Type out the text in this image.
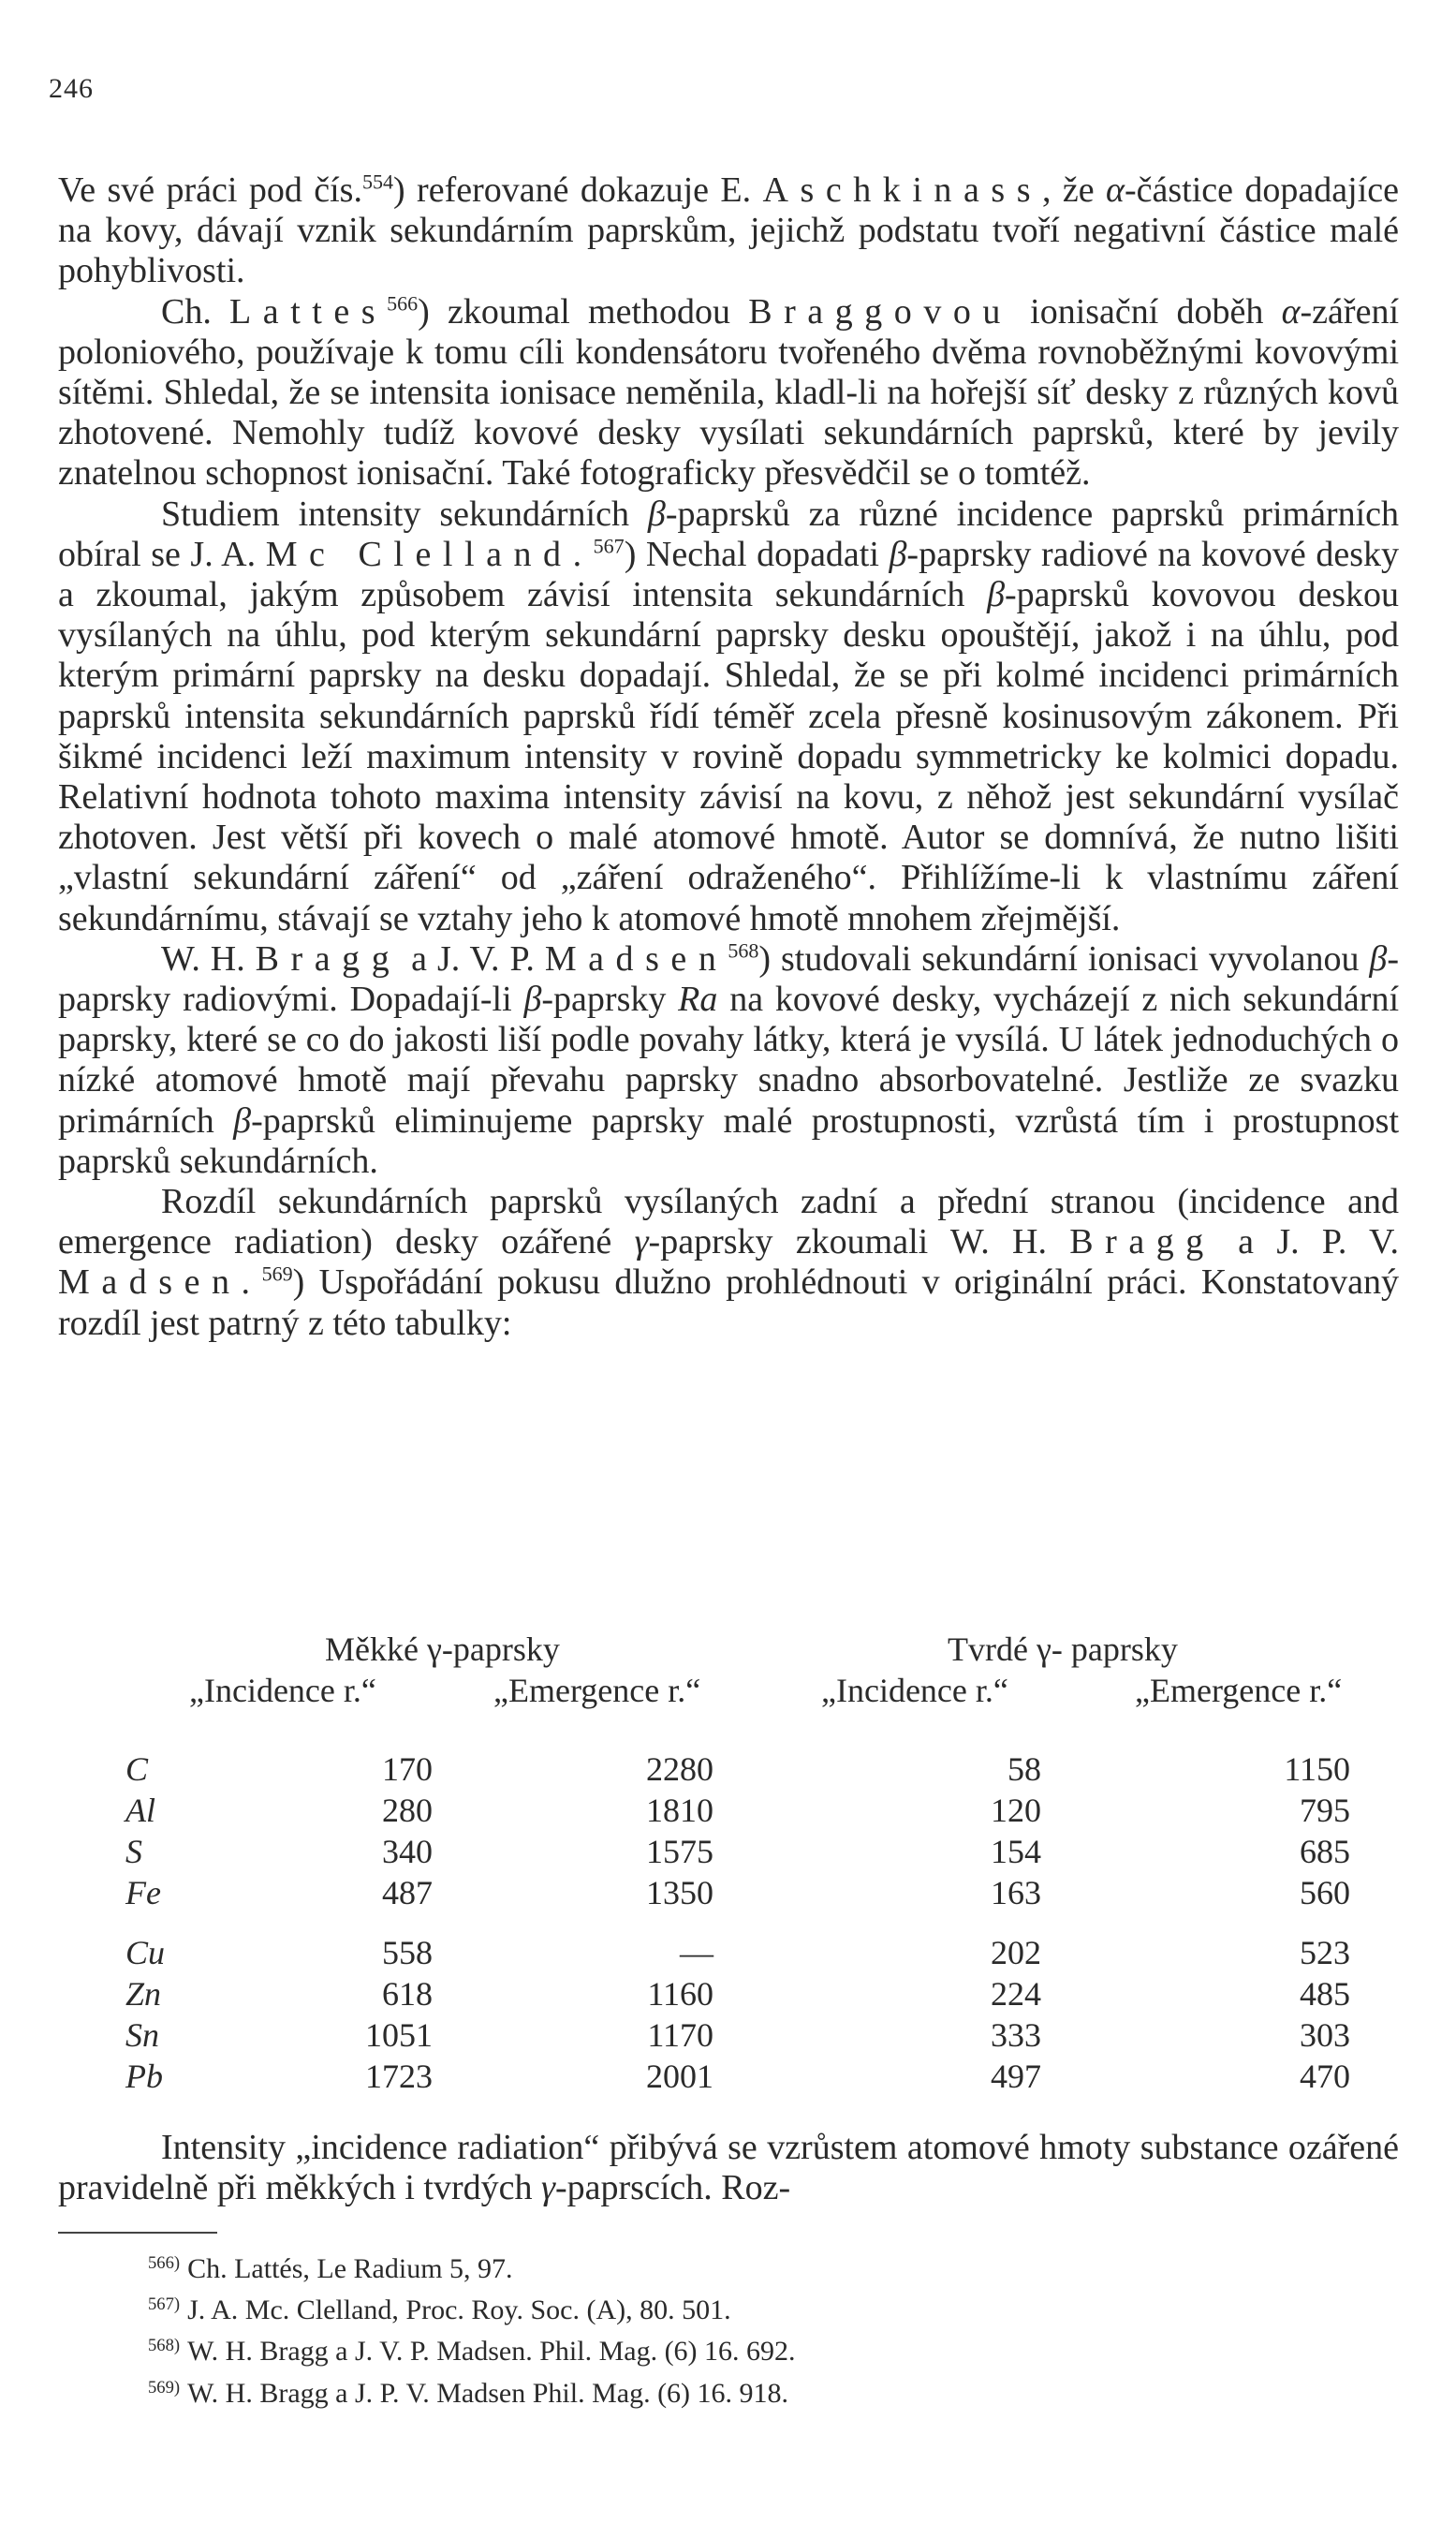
246

Ve své práci pod čís.$^{554}$) referované dokazuje E. Aschkinass, že α-částice dopadajíce na kovy, dávají vznik sekundárním paprskům, jejichž podstatu tvoří negativní částice malé pohyblivosti.

Ch. Lattes$^{566}$) zkoumal methodou Braggovou ionisační doběh α-záření poloniového, používaje k tomu cíli kondensátoru tvořeného dvěma rovnoběžnými kovovými sítěmi. Shledal, že se intensita ionisace neměnila, kladl-li na hořejší síť desky z různých kovů zhotovené. Nemohly tudíž kovové desky vysílati sekundárních paprsků, které by jevily znatelnou schopnost ionisační. Také fotograficky přesvědčil se o tomtéž.

Studiem intensity sekundárních β-paprsků za různé incidence paprsků primárních obíral se J. A. Mc Clelland.$^{567}$) Nechal dopadati β-paprsky radiové na kovové desky a zkoumal, jakým způsobem závisí intensita sekundárních β-paprsků kovovou deskou vysílaných na úhlu, pod kterým sekundární paprsky desku opouštějí, jakož i na úhlu, pod kterým primární paprsky na desku dopadají. Shledal, že se při kolmé incidenci primárních paprsků intensita sekundárních paprsků řídí téměř zcela přesně kosinusovým zákonem. Při šikmé incidenci leží maximum intensity v rovině dopadu symmetricky ke kolmici dopadu. Relativní hodnota tohoto maxima intensity závisí na kovu, z něhož jest sekundární vysílač zhotoven. Jest větší při kovech o malé atomové hmotě. Autor se domnívá, že nutno lišiti „vlastní sekundární záření“ od „záření odraženého“. Přihlížíme-li k vlastnímu záření sekundárnímu, stávají se vztahy jeho k atomové hmotě mnohem zřejmější.

W. H. Bragg a J. V. P. Madsen$^{568}$) studovali sekundární ionisaci vyvolanou β-paprsky radiovými. Dopadají-li β-paprsky Ra na kovové desky, vycházejí z nich sekundární paprsky, které se co do jakosti liší podle povahy látky, která je vysílá. U látek jednoduchých o nízké atomové hmotě mají převahu paprsky snadno absorbovatelné. Jestliže ze svazku primárních β-paprsků eliminujeme paprsky malé prostupnosti, vzrůstá tím i prostupnost paprsků sekundárních.

Rozdíl sekundárních paprsků vysílaných zadní a přední stranou (incidence and emergence radiation) desky ozářené γ-paprsky zkoumali W. H. Bragg a J. P. V. Madsen.$^{569}$) Uspořádání pokusu dlužno prohlédnouti v originální práci. Konstatovaný rozdíl jest patrný z této tabulky:

Měkké γ-paprsky	Tvrdé γ- paprsky
„Incidence r.“	„Emergence r.“	„Incidence r.“	„Emergence r.“
C	170	2280	58	1150
Al	280	1810	120	795
S	340	1575	154	685
Fe	487	1350	163	560
Cu	558	—	202	523
Zn	618	1160	224	485
Sn	1051	1170	333	303
Pb	1723	2001	497	470

Intensity „incidence radiation“ přibývá se vzrůstem atomové hmoty substance ozářené pravidelně při měkkých i tvrdých γ-paprscích. Roz-

$^{566)}$ Ch. Lattés, Le Radium 5, 97.
$^{567)}$ J. A. Mc. Clelland, Proc. Roy. Soc. (A), 80. 501.
$^{568)}$ W. H. Bragg a J. V. P. Madsen. Phil. Mag. (6) 16. 692.
$^{569)}$ W. H. Bragg a J. P. V. Madsen Phil. Mag. (6) 16. 918.
